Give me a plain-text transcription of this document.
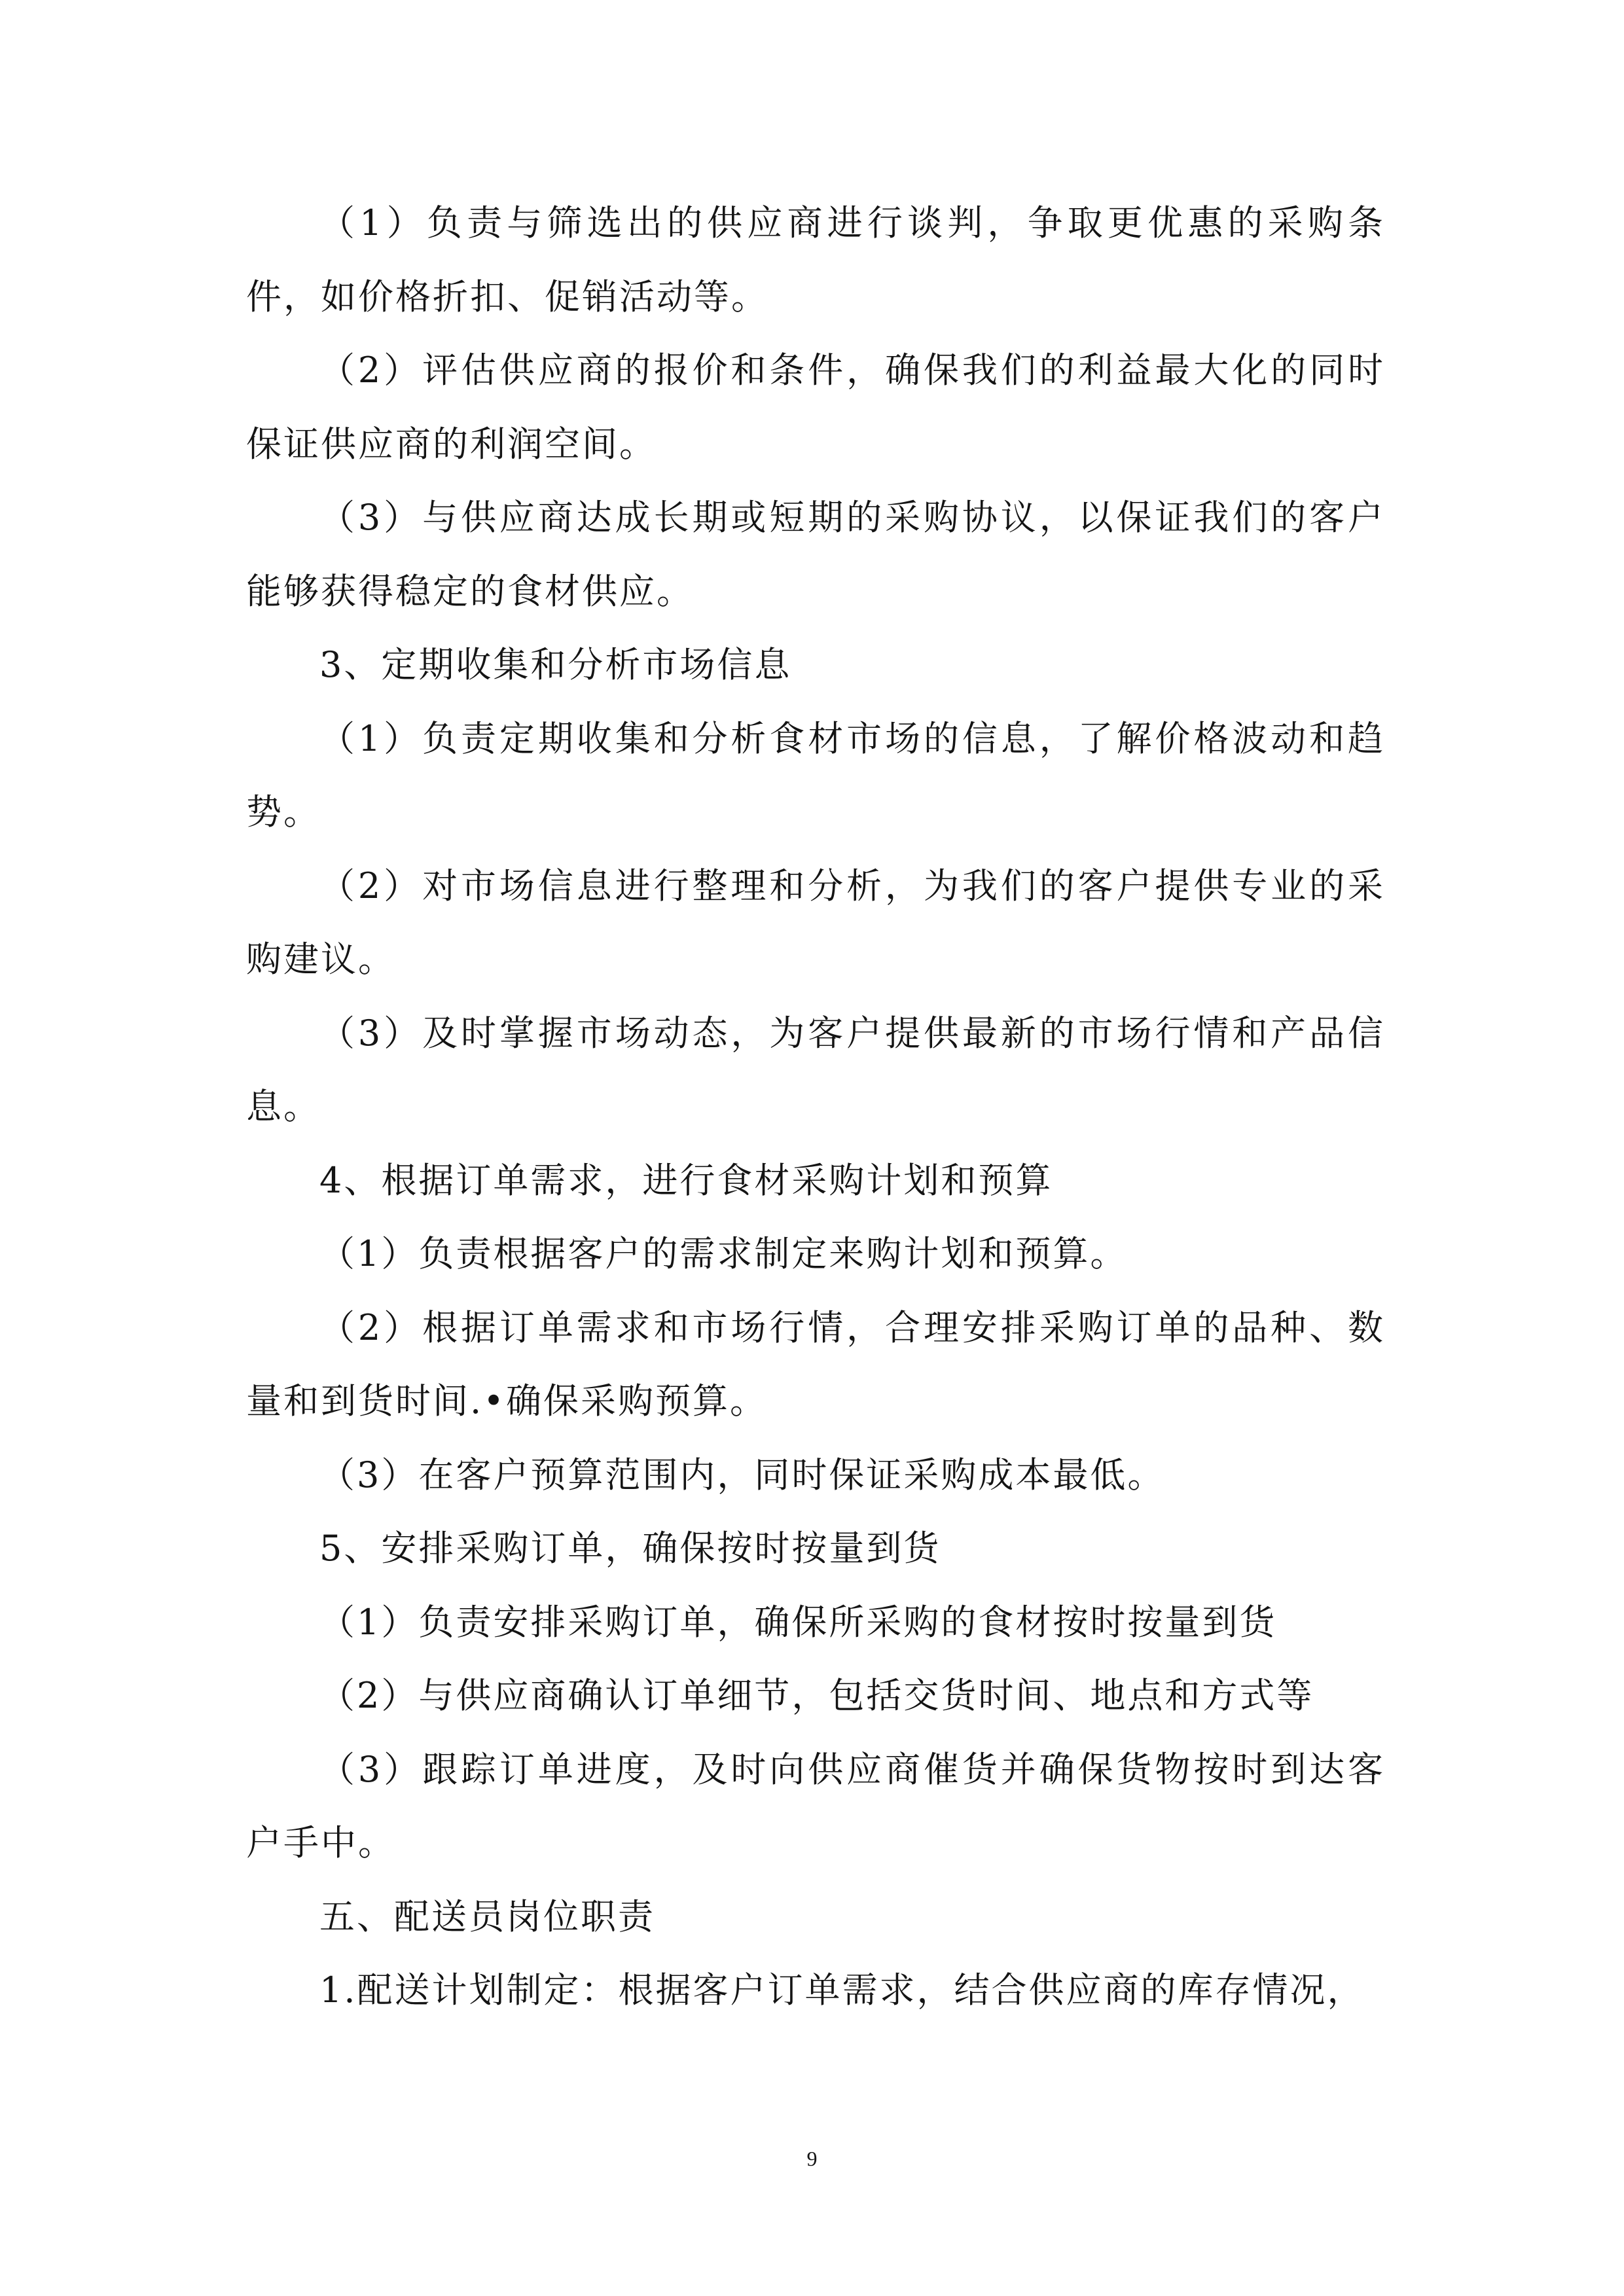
（1）负责与筛选出的供应商进行谈判，争取更优惠的采购条件，如价格折扣、促销活动等。

（2）评估供应商的报价和条件，确保我们的利益最大化的同时保证供应商的利润空间。

（3）与供应商达成长期或短期的采购协议，以保证我们的客户能够获得稳定的食材供应。

3、定期收集和分析市场信息

（1）负责定期收集和分析食材市场的信息，了解价格波动和趋势。

（2）对市场信息进行整理和分析，为我们的客户提供专业的采购建议。

（3）及时掌握市场动态，为客户提供最新的市场行情和产品信息。

4、根据订单需求，进行食材采购计划和预算

（1）负责根据客户的需求制定来购计划和预算。

（2）根据订单需求和市场行情，合理安排采购订单的品种、数量和到货时间.•确保采购预算。

（3）在客户预算范围内，同时保证采购成本最低。

5、安排采购订单，确保按时按量到货

（1）负责安排采购订单，确保所采购的食材按时按量到货

（2）与供应商确认订单细节，包括交货时间、地点和方式等

（3）跟踪订单进度，及时向供应商催货并确保货物按时到达客户手中。

五、配送员岗位职责

1.配送计划制定：根据客户订单需求，结合供应商的库存情况，

9
